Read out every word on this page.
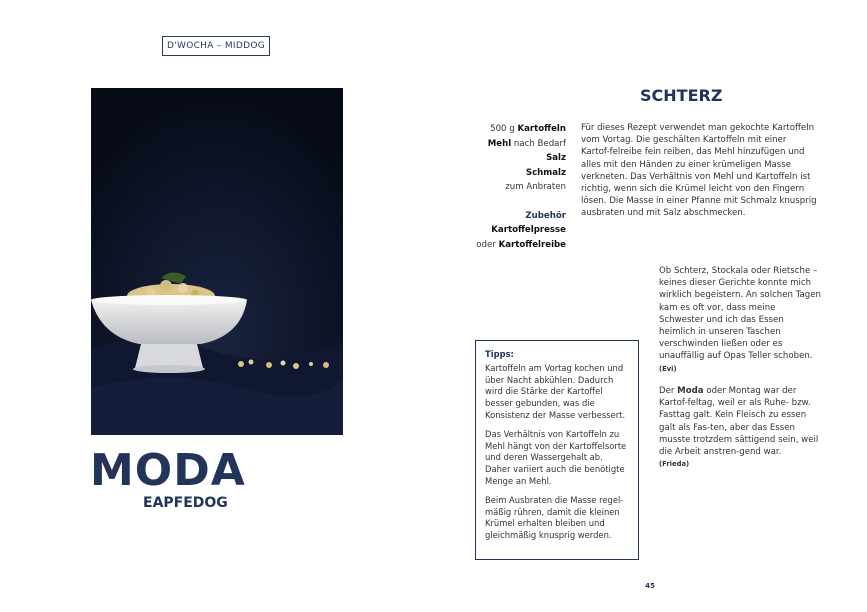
D'WOCHA – MIDDOG
MODA
EAPFEDOG
SCHTERZ
500 g Kartoffeln
Mehl nach Bedarf
Salz
Schmalz
zum Anbraten
Zubehör
Kartoffelpresse
oder Kartoffelreibe
Für dieses Rezept verwendet man gekochte Kartoffeln vom Vortag. Die geschälten Kartoffeln mit einer Kartof-felreibe fein reiben, das Mehl hinzufügen und alles mit den Händen zu einer krümeligen Masse verkneten. Das Verhältnis von Mehl und Kartoffeln ist richtig, wenn sich die Krümel leicht von den Fingern lösen. Die Masse in einer Pfanne mit Schmalz knusprig ausbraten und mit Salz abschmecken.
Ob Schterz, Stockala oder Rietsche – keines dieser Gerichte konnte mich wirklich begeistern. An solchen Tagen kam es oft vor, dass meine Schwester und ich das Essen heimlich in unseren Taschen verschwinden ließen oder es unauffällig auf Opas Teller schoben.
(Evi)
Der Moda oder Montag war der Kartof-feltag, weil er als Ruhe- bzw. Fasttag galt. Kein Fleisch zu essen galt als Fas-ten, aber das Essen musste trotzdem sättigend sein, weil die Arbeit anstren-gend war.
(Frieda)
Tipps:

Kartoffeln am Vortag kochen und über Nacht abkühlen. Dadurch wird die Stärke der Kartoffel besser gebunden, was die Konsistenz der Masse verbessert.

Das Verhältnis von Kartoffeln zu Mehl hängt von der Kartoffelsorte und deren Wassergehalt ab. Daher variiert auch die benötigte Menge an Mehl.

Beim Ausbraten die Masse regel-mäßig rühren, damit die kleinen Krümel erhalten bleiben und gleichmäßig knusprig werden.

45
